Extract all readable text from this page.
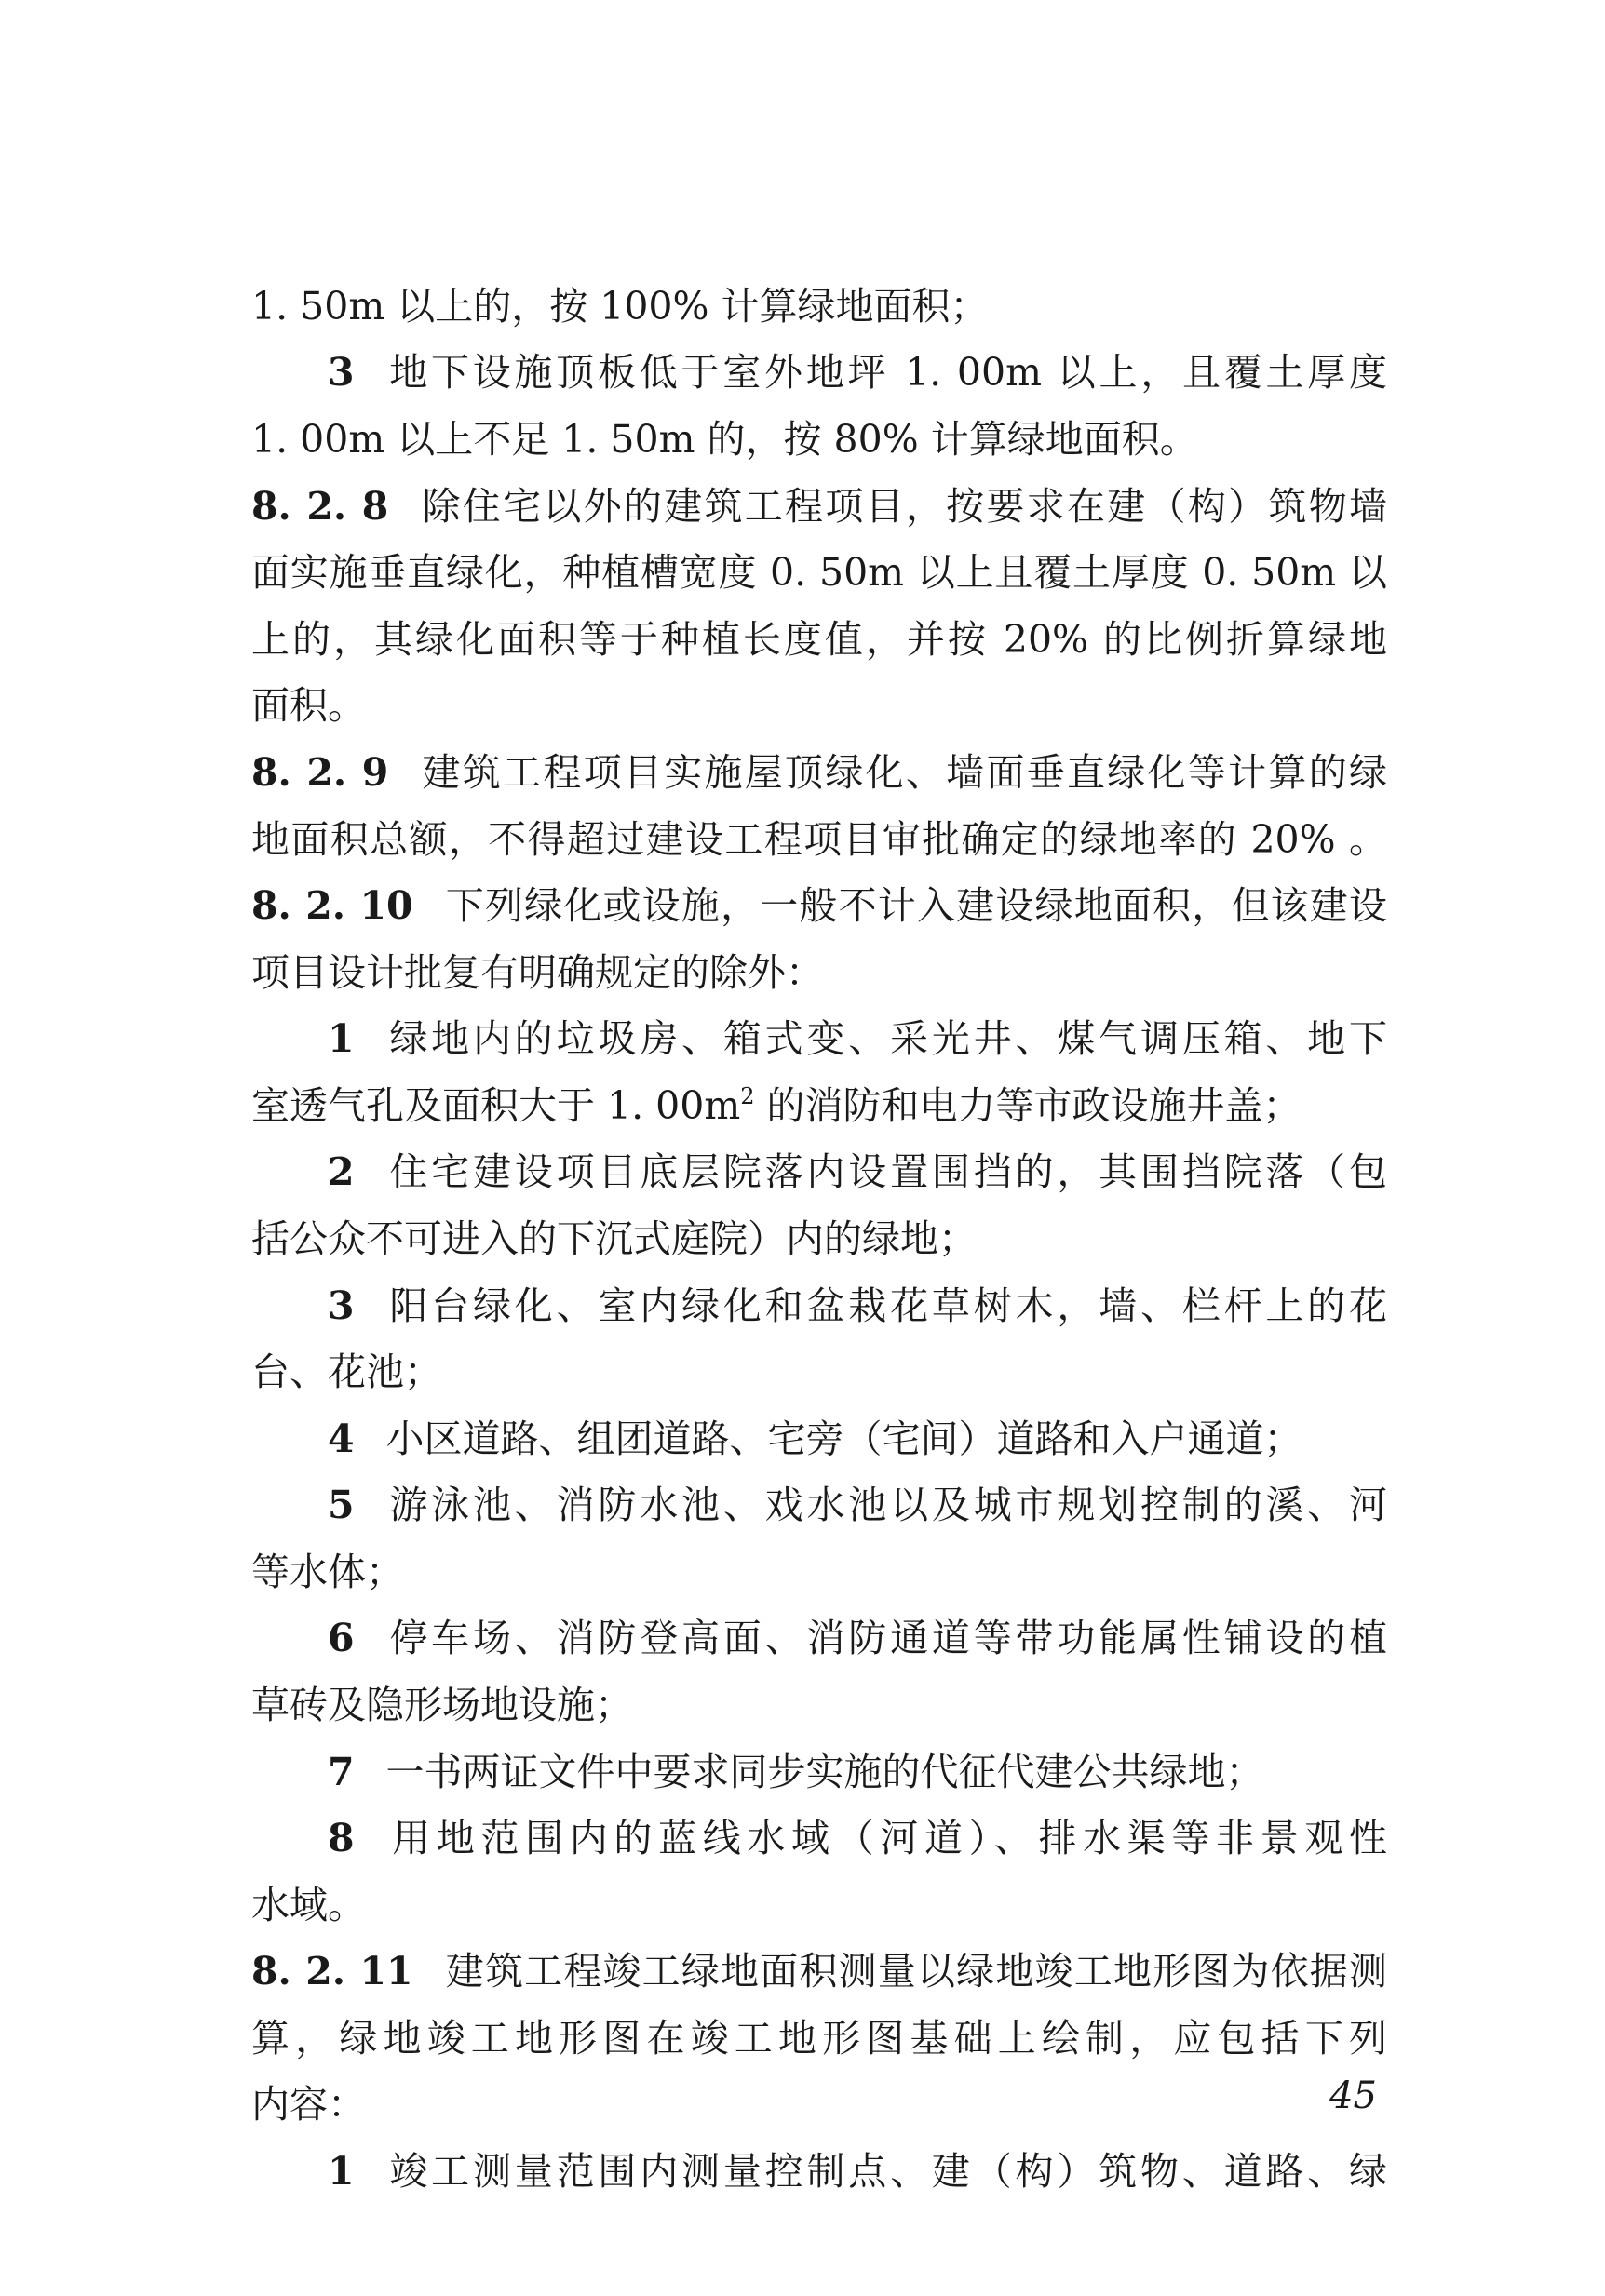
1. 50m 以上的，按 100% 计算绿地面积；
3 地下设施顶板低于室外地坪 1. 00m 以上，且覆土厚度
1. 00m 以上不足 1. 50m 的，按 80% 计算绿地面积。
8. 2. 8 除住宅以外的建筑工程项目，按要求在建（构）筑物墙
面实施垂直绿化，种植槽宽度 0. 50m 以上且覆土厚度 0. 50m 以
上的，其绿化面积等于种植长度值，并按 20% 的比例折算绿地
面积。
8. 2. 9 建筑工程项目实施屋顶绿化、墙面垂直绿化等计算的绿
地面积总额，不得超过建设工程项目审批确定的绿地率的 20% 。
8. 2. 10 下列绿化或设施，一般不计入建设绿地面积，但该建设
项目设计批复有明确规定的除外：
1 绿地内的垃圾房、箱式变、采光井、煤气调压箱、地下
室透气孔及面积大于 1. $00m^2$ 的消防和电力等市政设施井盖；
2 住宅建设项目底层院落内设置围挡的，其围挡院落（包
括公众不可进入的下沉式庭院）内的绿地；
3 阳台绿化、室内绿化和盆栽花草树木，墙、栏杆上的花
台、花池；
4 小区道路、组团道路、宅旁（宅间）道路和入户通道；
5 游泳池、消防水池、戏水池以及城市规划控制的溪、河
等水体；
6 停车场、消防登高面、消防通道等带功能属性铺设的植
草砖及隐形场地设施；
7 一书两证文件中要求同步实施的代征代建公共绿地；
8 用地范围内的蓝线水域（河道）、排水渠等非景观性
水域。
8. 2. 11 建筑工程竣工绿地面积测量以绿地竣工地形图为依据测
算，绿地竣工地形图在竣工地形图基础上绘制，应包括下列
内容：
1 竣工测量范围内测量控制点、建（构）筑物、道路、绿
45
